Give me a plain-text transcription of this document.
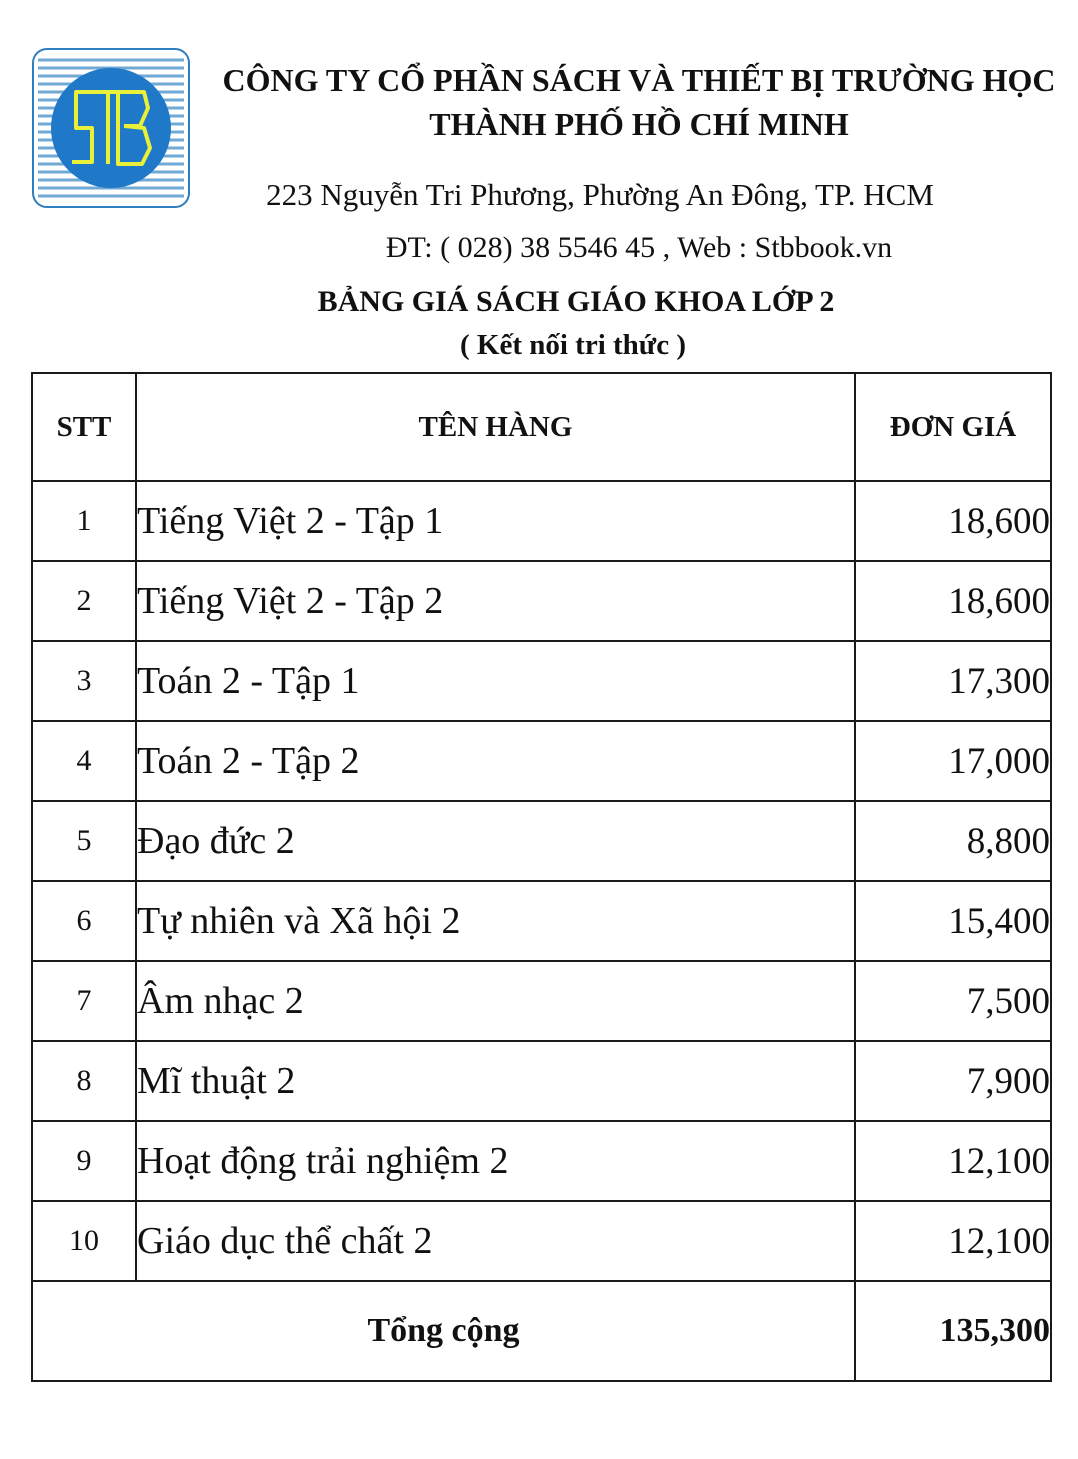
CÔNG TY CỔ PHẦN SÁCH VÀ THIẾT BỊ TRƯỜNG HỌC
THÀNH PHỐ HỒ CHÍ MINH
223 Nguyễn Tri Phương, Phường An Đông, TP. HCM
ĐT: ( 028) 38 5546 45 , Web : Stbbook.vn
BẢNG GIÁ SÁCH GIÁO KHOA LỚP 2
( Kết nối tri thức )
STT	TÊN HÀNG	ĐƠN GIÁ
1	Tiếng Việt 2 - Tập 1	18,600
2	Tiếng Việt 2 - Tập 2	18,600
3	Toán 2 - Tập 1	17,300
4	Toán 2 - Tập 2	17,000
5	Đạo đức 2	8,800
6	Tự nhiên và Xã hội 2	15,400
7	Âm nhạc 2	7,500
8	Mĩ thuật 2	7,900
9	Hoạt động trải nghiệm 2	12,100
10	Giáo dục thể chất 2	12,100
Tổng cộng		135,300
